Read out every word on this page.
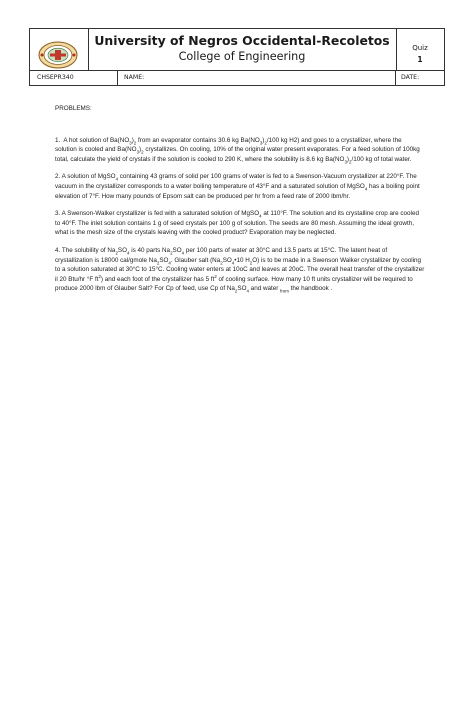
University of Negros Occidental-Recoletos
College of Engineering
Quiz
1
CHSEPR340	NAME:	DATE:

PROBLEMS:

1. A hot solution of $Ba(NO_3)_2$ from an evaporator contains 30.6 kg $Ba(NO_3)_2/100$ kg H2) and goes to a crystallizer, where the solution is cooled and $Ba(NO_3)_2$ crystallizes. On cooling, 10% of the original water present evaporates. For a feed solution of 100kg total, calculate the yield of crystals if the solution is cooled to 290 K, where the solubility is 8.6 kg $Ba(NO_3)_2/100$ kg of total water.

2. A solution of MgSO$_4$ containing 43 grams of solid per 100 grams of water is fed to a Swenson-Vacuum crystallizer at 220°F. The vacuum in the crystallizer corresponds to a water boiling temperature of 43°F and a saturated solution of MgSO$_4$ has a boiling point elevation of 7°F. How many pounds of Epsom salt can be produced per hr from a feed rate of 2000 lbm/hr.

3. A Swenson-Walker crystallizer is fed with a saturated solution of MgSO$_4$ at 110°F. The solution and its crystalline crop are cooled to 40°F. The inlet solution contains 1 g of seed crystals per 100 g of solution. The seeds are 80 mesh. Assuming the ideal growth, what is the mesh size of the crystals leaving with the cooled product? Evaporation may be neglected.

4. The solubility of $Na_2SO_4$ is 40 parts $Na_2SO_4$ per 100 parts of water at 30°C and 13.5 parts at 15°C. The latent heat of crystallization is 18000 cal/gmole $Na_2SO_4$. Glauber salt ($Na_2SO_4•10$ $H_2O$) is to be made in a Swenson Walker crystallizer by cooling to a solution saturated at 30°C to 15°C. Cooling water enters at 10oC and leaves at 20oC. The overall heat transfer of the crystallizer il 20 Btu/hr °F $ft^2$) and each foot of the crystallizer has 5 $ft^2$ of cooling surface. How many 10 ft units crystallizer will be required to produce 2000 lbm of Glauber Salt? For Cp of feed, use Cp of $Na_2SO_4$ and water $_{from}$ the handbook .
